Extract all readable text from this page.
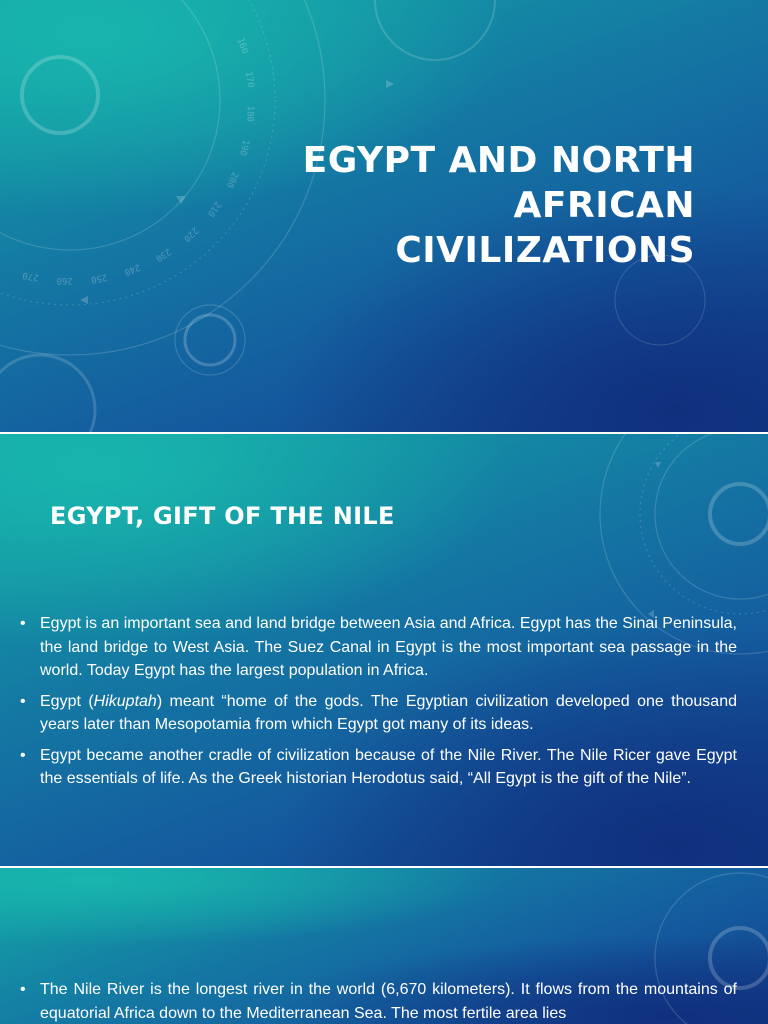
160
170
180
190
200
210
220
230
240
250
260
270
EGYPT AND NORTH
AFRICAN
CIVILIZATIONS
EGYPT, GIFT OF THE NILE
• Egypt is an important sea and land bridge between Asia and Africa. Egypt has the Sinai Peninsula, the land bridge to West Asia. The Suez Canal in Egypt is the most important sea passage in the world. Today Egypt has the largest population in Africa.
• Egypt (Hikuptah) meant “home of the gods. The Egyptian civilization developed one thousand years later than Mesopotamia from which Egypt got many of its ideas.
• Egypt became another cradle of civilization because of the Nile River. The Nile Ricer gave Egypt the essentials of life. As the Greek historian Herodotus said, “All Egypt is the gift of the Nile”.
• The Nile River is the longest river in the world (6,670 kilometers). It flows from the mountains of equatorial Africa down to the Mediterranean Sea. The most fertile area lies
